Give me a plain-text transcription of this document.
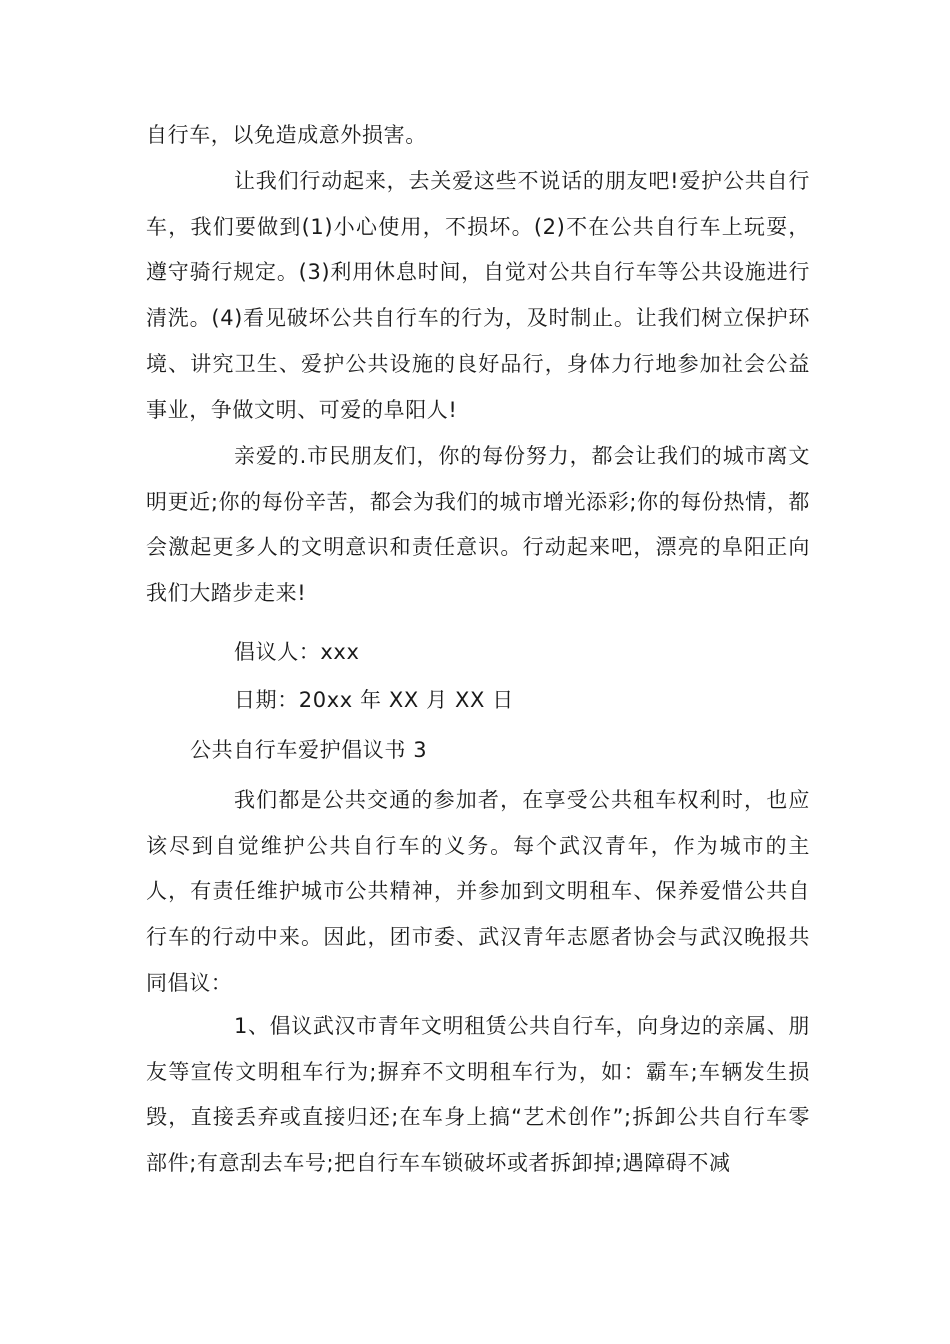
自行车，以免造成意外损害。
让我们行动起来，去关爱这些不说话的朋友吧!爱护公共自行车，我们要做到(1)小心使用，不损坏。(2)不在公共自行车上玩耍，遵守骑行规定。(3)利用休息时间，自觉对公共自行车等公共设施进行清洗。(4)看见破坏公共自行车的行为，及时制止。让我们树立保护环境、讲究卫生、爱护公共设施的良好品行，身体力行地参加社会公益事业，争做文明、可爱的阜阳人!
亲爱的.市民朋友们，你的每份努力，都会让我们的城市离文明更近;你的每份辛苦，都会为我们的城市增光添彩;你的每份热情，都会激起更多人的文明意识和责任意识。行动起来吧，漂亮的阜阳正向我们大踏步走来!
倡议人：xxx
日期：20xx 年 XX 月 XX 日
公共自行车爱护倡议书 3
我们都是公共交通的参加者，在享受公共租车权利时，也应该尽到自觉维护公共自行车的义务。每个武汉青年，作为城市的主人，有责任维护城市公共精神，并参加到文明租车、保养爱惜公共自行车的行动中来。因此，团市委、武汉青年志愿者协会与武汉晚报共同倡议：
1、倡议武汉市青年文明租赁公共自行车，向身边的亲属、朋友等宣传文明租车行为;摒弃不文明租车行为，如：霸车;车辆发生损毁，直接丢弃或直接归还;在车身上搞“艺术创作”;拆卸公共自行车零部件;有意刮去车号;把自行车车锁破坏或者拆卸掉;遇障碍不减
